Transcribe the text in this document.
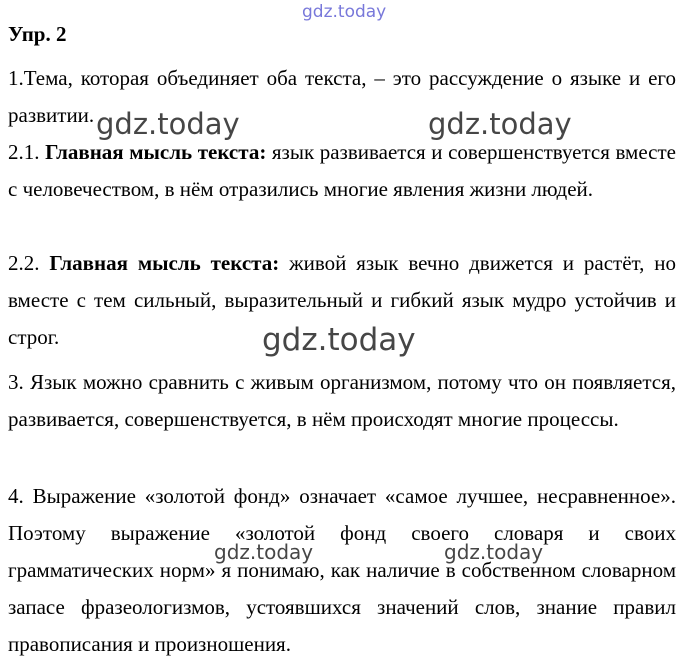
gdz.today
Упр. 2

1.Тема, которая объединяет оба текста, – это рассуждение о языке и его развитии.

2.1. Главная мысль текста: язык развивается и совершенствуется вместе с человечеством, в нём отразились многие явления жизни людей.

2.2. Главная мысль текста: живой язык вечно движется и растёт, но вместе с тем сильный, выразительный и гибкий язык мудро устойчив и строг.

3. Язык можно сравнить с живым организмом, потому что он появляется, развивается, совершенствуется, в нём происходят многие процессы.

4. Выражение «золотой фонд» означает «самое лучшее, несравненное». Поэтому выражение «золотой фонд своего словаря и своих грамматических норм» я понимаю, как наличие в собственном словарном запасе фразеологизмов, устоявшихся значений слов, знание правил правописания и произношения.

gdz.today	gdz.today
gdz.today
gdz.today	gdz.today
